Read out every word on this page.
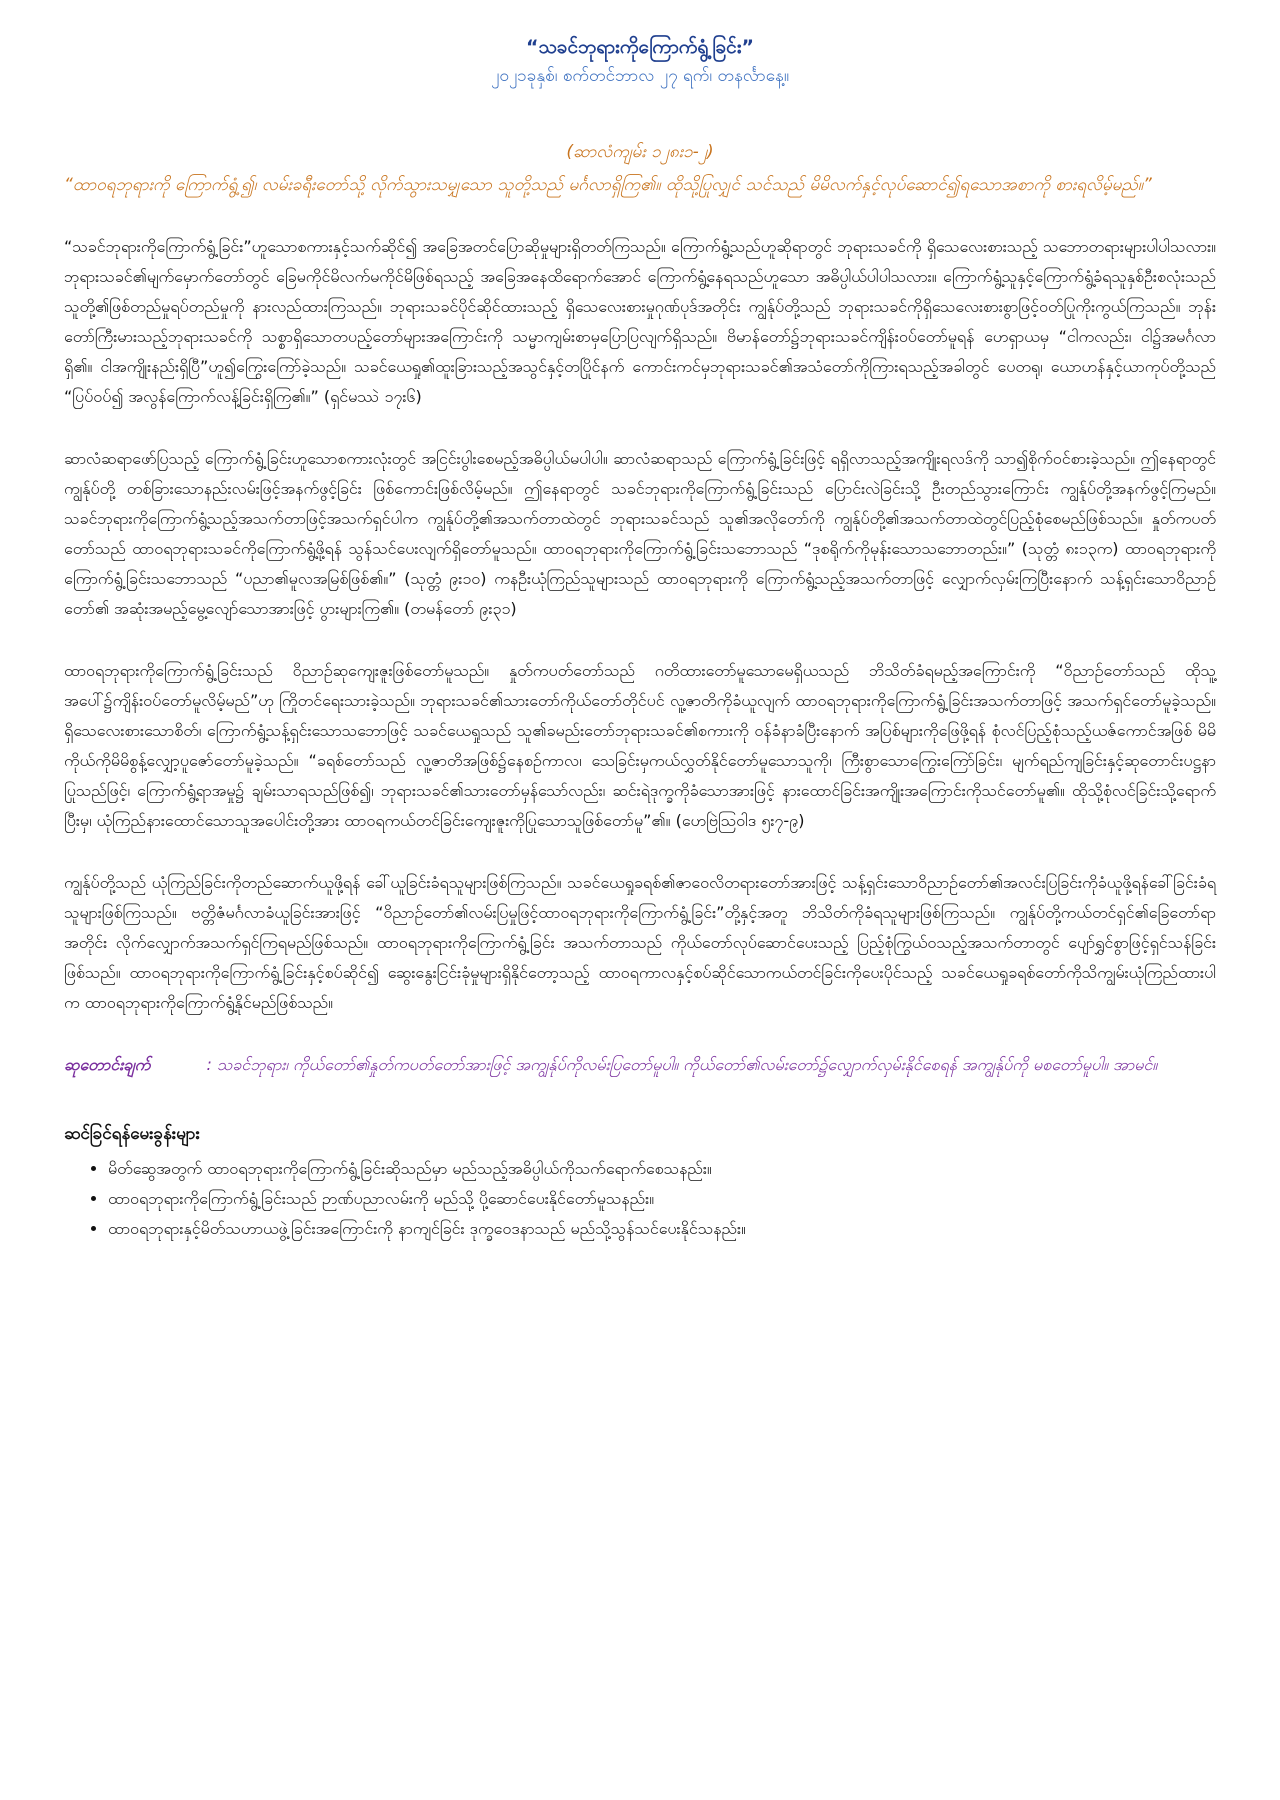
“သခင်ဘုရားကိုကြောက်ရွံ့ခြင်း”

၂၀၂၁ခုနှစ်၊ စက်တင်ဘာလ ၂၇ ရက်၊ တနင်္လာနေ့။

(ဆာလံကျမ်း ၁၂၈း၁-၂)

“ထာဝရဘုရားကို ကြောက်ရွံ့၍၊ လမ်းခရီးတော်သို့ လိုက်သွားသမျှသော သူတို့သည် မင်္ဂလာရှိကြ၏။ ထိုသို့ပြုလျှင် သင်သည် မိမိလက်နှင့်လုပ်ဆောင်၍ရသောအစာကို စားရလိမ့်မည်။”

“သခင်ဘုရားကိုကြောက်ရွံ့ခြင်း”ဟူသောစကားနှင့်သက်ဆိုင်၍ အခြေအတင်ပြောဆိုမှုများရှိတတ်ကြသည်။ ကြောက်ရွံ့သည်ဟူဆိုရာတွင် ဘုရားသခင်ကို ရှိသေလေးစားသည့် သဘောတရားများပါပါသလား။ ဘုရားသခင်၏မျက်မှောက်တော်တွင် ခြေမကိုင်မိလက်မကိုင်မိဖြစ်ရသည့် အခြေအနေထိရောက်အောင် ကြောက်ရွံ့နေရသည်ဟူသော အဓိပ္ပါယ်ပါပါသလား။ ကြောက်ရွံ့သူနှင့်ကြောက်ရွံ့ခံရသူနှစ်ဦးစလုံးသည် သူတို့၏ဖြစ်တည်မှုရပ်တည်မှုကို နားလည်ထားကြသည်။ ဘုရားသခင်ပိုင်ဆိုင်ထားသည့် ရှိသေလေးစားမှုဂုဏ်ပုဒ်အတိုင်း ကျွန်ုပ်တို့သည် ဘုရားသခင်ကိုရှိသေလေးစားစွာဖြင့်ဝတ်ပြုကိုးကွယ်ကြသည်။ ဘုန်းတော်ကြီးမားသည့်ဘုရားသခင်ကို သစ္စာရှိသောတပည့်တော်များအကြောင်းကို သမ္မာကျမ်းစာမှပြောပြလျက်ရှိသည်။ ဗိမာန်တော်၌ဘုရားသခင်ကျိန်းဝပ်တော်မူရန် ဟေရှာယမှ “ငါကလည်း၊ ငါ၌အမင်္ဂလာရှိ၏။ ငါအကျိုးနည်းရှိပြီ”ဟူ၍ကြွေးကြော်ခဲ့သည်။ သခင်ယေရှု၏ထူးခြားသည့်အသွင်နှင့်တပြိုင်နက် ကောင်းကင်မှဘုရားသခင်၏အသံတော်ကိုကြားရသည့်အခါတွင် ပေတရု၊ ယောဟန်နှင့်ယာကုပ်တို့သည် “ပြပ်ဝပ်၍ အလွန်ကြောက်လန့်ခြင်းရှိကြ၏။” (ရှင်မဿဲ ၁၇း၆)

ဆာလံဆရာဖော်ပြသည့် ကြောက်ရွံ့ခြင်းဟူသောစကားလုံးတွင် အငြင်းပွါးစေမည့်အဓိပ္ပါယ်မပါပါ။ ဆာလံဆရာသည် ကြောက်ရွံ့ခြင်းဖြင့် ရရှိလာသည့်အကျိုးရလဒ်ကို သာ၍စိုက်ဝင်စားခဲ့သည်။ ဤနေရာတွင် ကျွန်ုပ်တို့ တစ်ခြားသောနည်းလမ်းဖြင့်အနက်ဖွင့်ခြင်း ဖြစ်ကောင်းဖြစ်လိမ့်မည်။ ဤနေရာတွင် သခင်ဘုရားကိုကြောက်ရွံ့ခြင်းသည် ပြောင်းလဲခြင်းသို့ ဦးတည်သွားကြောင်း ကျွန်ုပ်တို့အနက်ဖွင့်ကြမည်။ သခင်ဘုရားကိုကြောက်ရွံ့သည့်အသက်တာဖြင့်အသက်ရှင်ပါက ကျွန်ုပ်တို့၏အသက်တာထဲတွင် ဘုရားသခင်သည် သူ၏အလိုတော်ကို ကျွန်ုပ်တို့၏အသက်တာထဲတွင်ပြည့်စုံစေမည်ဖြစ်သည်။ နှုတ်ကပတ်တော်သည် ထာဝရဘုရားသခင်ကိုကြောက်ရွံ့ဖို့ရန် သွန်သင်ပေးလျက်ရှိတော်မူသည်။ ထာဝရဘုရားကိုကြောက်ရွံ့ခြင်းသဘောသည် “ဒုစရိုက်ကိုမုန်းသောသဘောတည်း။” (သုတ္တံ ၈း၁၃က) ထာဝရဘုရားကိုကြောက်ရွံ့ခြင်းသဘောသည် “ပညာ၏မူလအမြစ်ဖြစ်၏။” (သုတ္တံ ၉း၁၀) ကနဦးယုံကြည်သူများသည် ထာဝရဘုရားကို ကြောက်ရွံ့သည့်အသက်တာဖြင့် လျှောက်လှမ်းကြပြီးနောက် သန့်ရှင်းသောဝိညာဉ်တော်၏ အဆုံးအမည့်မွေ့လျော်သောအားဖြင့် ပွားများကြ၏။ (တမန်တော် ၉း၃၁)

ထာဝရဘုရားကိုကြောက်ရွံ့ခြင်းသည် ဝိညာဉ်ဆုကျေးဇူးဖြစ်တော်မူသည်။ နှုတ်ကပတ်တော်သည် ဂတိထားတော်မူသောမေရှိယသည် ဘိသိတ်ခံရမည့်အကြောင်းကို “ဝိညာဉ်တော်သည် ထိုသူ့အပေါ်၌ကျိန်းဝပ်တော်မူလိမ့်မည်”ဟု ကြိုတင်ရေးသားခဲ့သည်။ ဘုရားသခင်၏သားတော်ကိုယ်တော်တိုင်ပင် လူ့ဇာတိကိုခံယူလျက် ထာဝရဘုရားကိုကြောက်ရွံ့ခြင်းအသက်တာဖြင့် အသက်ရှင်တော်မူခဲ့သည်။ ရှိသေလေးစားသောစိတ်၊ ကြောက်ရွံ့သန့်ရှင်းသောသဘောဖြင့် သခင်ယေရှုသည် သူ၏ခမည်းတော်ဘုရားသခင်၏စကားကို ဝန်ခံနာခံပြီးနောက် အပြစ်များကိုဖြေဖို့ရန် စုံလင်ပြည့်စုံသည့်ယဇ်ကောင်အဖြစ် မိမိကိုယ်ကိုမိမိစွန့်လျှော့ပူဇော်တော်မူခဲ့သည်။ “ခရစ်တော်သည် လူ့ဇာတိအဖြစ်၌နေစဉ်ကာလ၊ သေခြင်းမှကယ်လွှတ်နိုင်တော်မူသောသူကို၊ ကြီးစွာသောကြွေးကြော်ခြင်း၊ မျက်ရည်ကျခြင်းနှင့်ဆုတောင်းပဋ္ဌနာပြုသည်ဖြင့်၊ ကြောက်ရွံ့ရာအမှု၌ ချမ်းသာရသည်ဖြစ်၍၊ ဘုရားသခင်၏သားတော်မှန်သော်လည်း၊ ဆင်းရဲဒုက္ခကိုခံသောအားဖြင့် နားထောင်ခြင်းအကျိုးအကြောင်းကိုသင်တော်မူ၏။ ထိုသို့စုံလင်ခြင်းသို့ရောက်ပြီးမှ၊ ယုံကြည်နားထောင်သောသူအပေါင်းတို့အား ထာဝရကယ်တင်ခြင်းကျေးဇူးကိုပြုသောသူဖြစ်တော်မူ”၏။ (ဟေဗြဲဩဝါဒ ၅း၇-၉)

ကျွန်ုပ်တို့သည် ယုံကြည်ခြင်းကိုတည်ဆောက်ယူဖို့ရန် ခေါ်ယူခြင်းခံရသူများဖြစ်ကြသည်။ သခင်ယေရှုခရစ်၏ဇာဝေလိတရားတော်အားဖြင့် သန့်ရှင်းသောဝိညာဉ်တော်၏အလင်းပြခြင်းကိုခံယူဖို့ရန်ခေါ်ခြင်းခံရသူများဖြစ်ကြသည်။ ဗတ္တိဇံမင်္ဂလာခံယူခြင်းအားဖြင့် “ဝိညာဉ်တော်၏လမ်းပြမှုဖြင့်ထာဝရဘုရားကိုကြောက်ရွံ့ခြင်း”တို့နှင့်အတူ ဘိသိတ်ကိုခံရသူများဖြစ်ကြသည်။ ကျွန်ုပ်တို့ကယ်တင်ရှင်၏ခြေတော်ရာအတိုင်း လိုက်လျှောက်အသက်ရှင်ကြရမည်ဖြစ်သည်။ ထာဝရဘုရားကိုကြောက်ရွံ့ခြင်း အသက်တာသည် ကိုယ်တော်လုပ်ဆောင်ပေးသည့် ပြည့်စုံကြွယ်ဝသည့်အသက်တာတွင် ပျော်ရွှင်စွာဖြင့်ရှင်သန်ခြင်းဖြစ်သည်။ ထာဝရဘုရားကိုကြောက်ရွံ့ခြင်းနှင့်စပ်ဆိုင်၍ ဆွေးနွေးငြင်းခုံမှုများရှိနိုင်တော့သည့် ထာဝရကာလနှင့်စပ်ဆိုင်သောကယ်တင်ခြင်းကိုပေးပိုင်သည့် သခင်ယေရှုခရစ်တော်ကိုသိကျွမ်းယုံကြည်ထားပါက ထာဝရဘုရားကိုကြောက်ရွံ့နိုင်မည်ဖြစ်သည်။

ဆုတောင်းချက်	: သခင်ဘုရား၊ ကိုယ်တော်၏နှုတ်ကပတ်တော်အားဖြင့် အကျွန်ုပ်ကိုလမ်းပြတော်မူပါ။ ကိုယ်တော်၏လမ်းတော်၌လျှောက်လှမ်းနိုင်စေရန် အကျွန်ုပ်ကို မစတော်မူပါ။ အာမင်။

ဆင်ခြင်ရန်မေးခွန်းများ

• မိတ်ဆွေအတွက် ထာဝရဘုရားကိုကြောက်ရွံ့ခြင်းဆိုသည်မှာ မည်သည့်အဓိပ္ပါယ်ကိုသက်ရောက်စေသနည်း။
• ထာဝရဘုရားကိုကြောက်ရွံ့ခြင်းသည် ဉာဏ်ပညာလမ်းကို မည်သို့ ပို့ဆောင်ပေးနိုင်တော်မူသနည်း။
• ထာဝရဘုရားနှင့်မိတ်သဟာယဖွဲ့ခြင်းအကြောင်းကို နာကျင်ခြင်း ဒုက္ခဝေဒနာသည် မည်သို့သွန်သင်ပေးနိုင်သနည်း။
